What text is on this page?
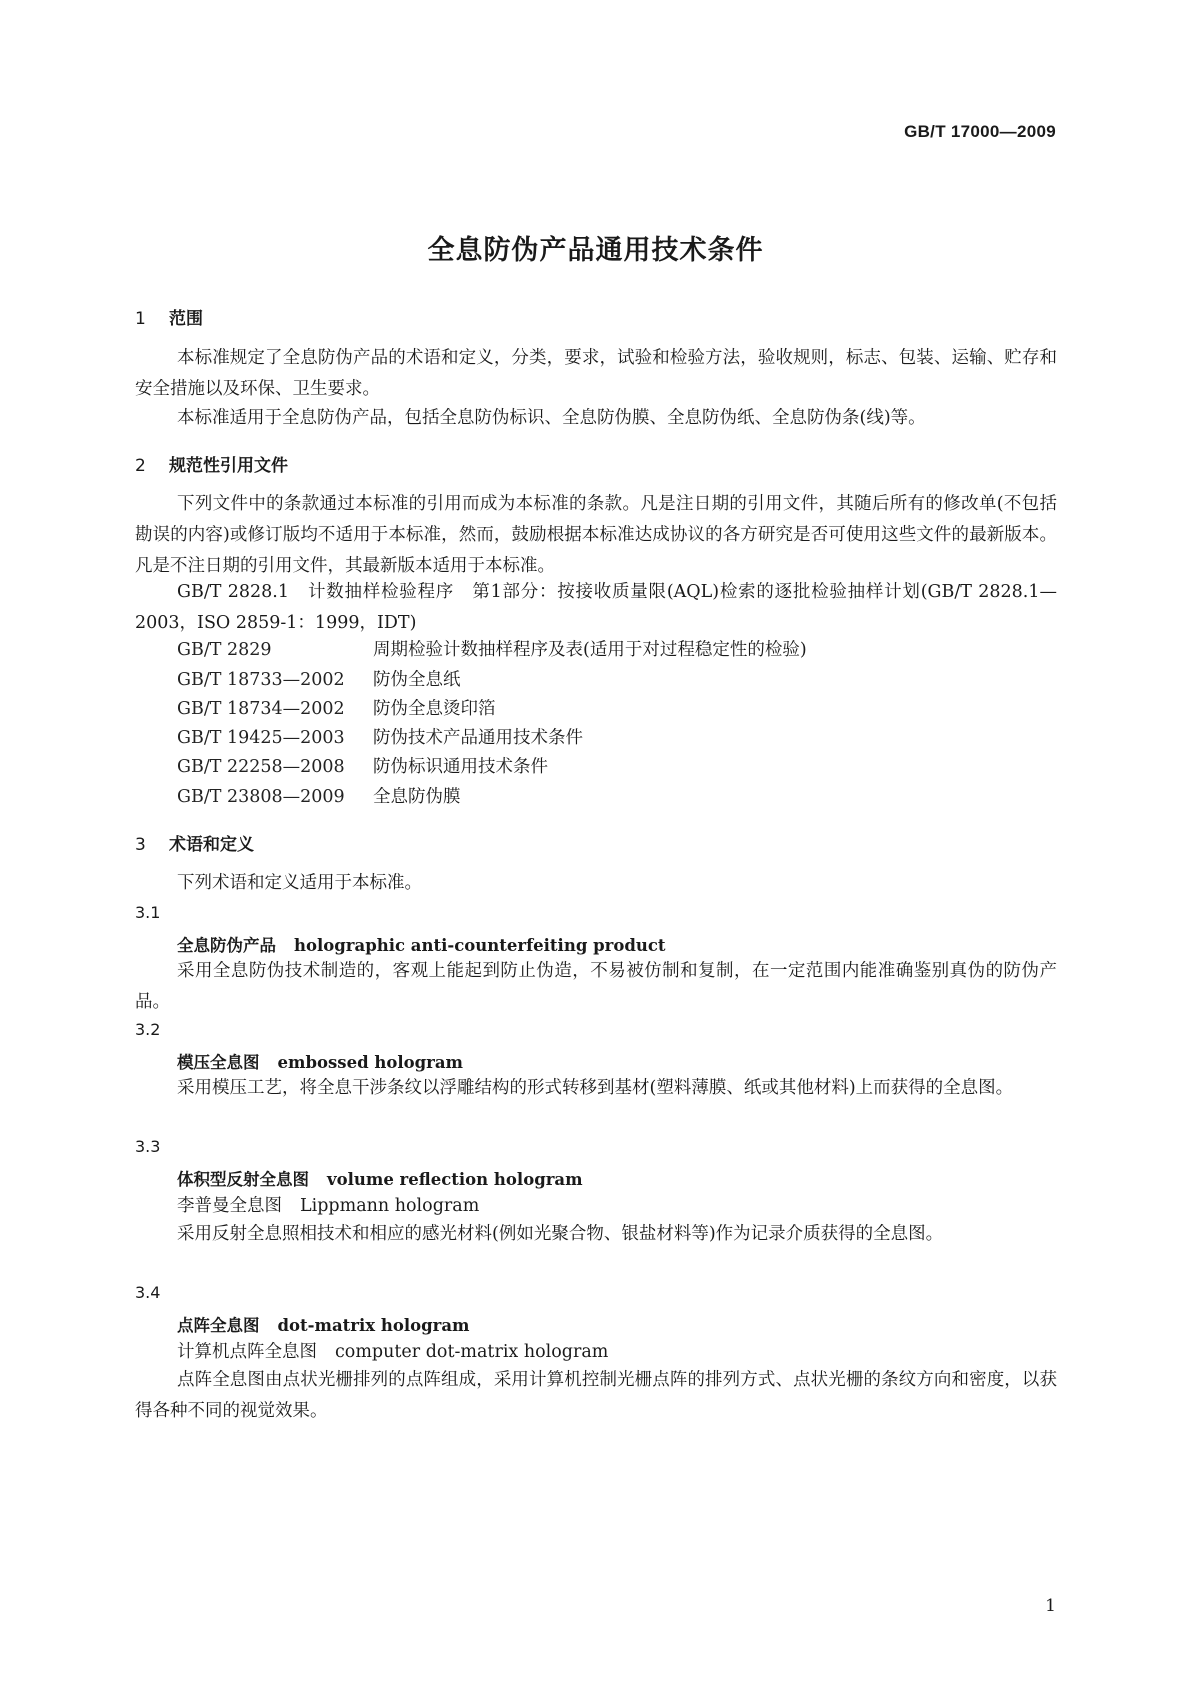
GB/T 17000—2009
全息防伪产品通用技术条件
1 范围
本标准规定了全息防伪产品的术语和定义，分类，要求，试验和检验方法，验收规则，标志、包装、运输、贮存和安全措施以及环保、卫生要求。
本标准适用于全息防伪产品，包括全息防伪标识、全息防伪膜、全息防伪纸、全息防伪条(线)等。
2 规范性引用文件
下列文件中的条款通过本标准的引用而成为本标准的条款。凡是注日期的引用文件，其随后所有的修改单(不包括勘误的内容)或修订版均不适用于本标准，然而，鼓励根据本标准达成协议的各方研究是否可使用这些文件的最新版本。凡是不注日期的引用文件，其最新版本适用于本标准。
GB/T 2828.1　计数抽样检验程序　第1部分：按接收质量限(AQL)检索的逐批检验抽样计划(GB/T 2828.1—2003，ISO 2859-1：1999，IDT)
GB/T 2829	周期检验计数抽样程序及表(适用于对过程稳定性的检验)
GB/T 18733—2002 防伪全息纸
GB/T 18734—2002 防伪全息烫印箔
GB/T 19425—2003 防伪技术产品通用技术条件
GB/T 22258—2008 防伪标识通用技术条件
GB/T 23808—2009 全息防伪膜
3 术语和定义
下列术语和定义适用于本标准。
3.1
全息防伪产品 holographic anti-counterfeiting product
采用全息防伪技术制造的，客观上能起到防止伪造，不易被仿制和复制，在一定范围内能准确鉴别真伪的防伪产品。
3.2
模压全息图 embossed hologram
采用模压工艺，将全息干涉条纹以浮雕结构的形式转移到基材(塑料薄膜、纸或其他材料)上而获得的全息图。
3.3
体积型反射全息图 volume reflection hologram
李普曼全息图 Lippmann hologram
采用反射全息照相技术和相应的感光材料(例如光聚合物、银盐材料等)作为记录介质获得的全息图。
3.4
点阵全息图 dot-matrix hologram
计算机点阵全息图 computer dot-matrix hologram
点阵全息图由点状光栅排列的点阵组成，采用计算机控制光栅点阵的排列方式、点状光栅的条纹方向和密度，以获得各种不同的视觉效果。
1
